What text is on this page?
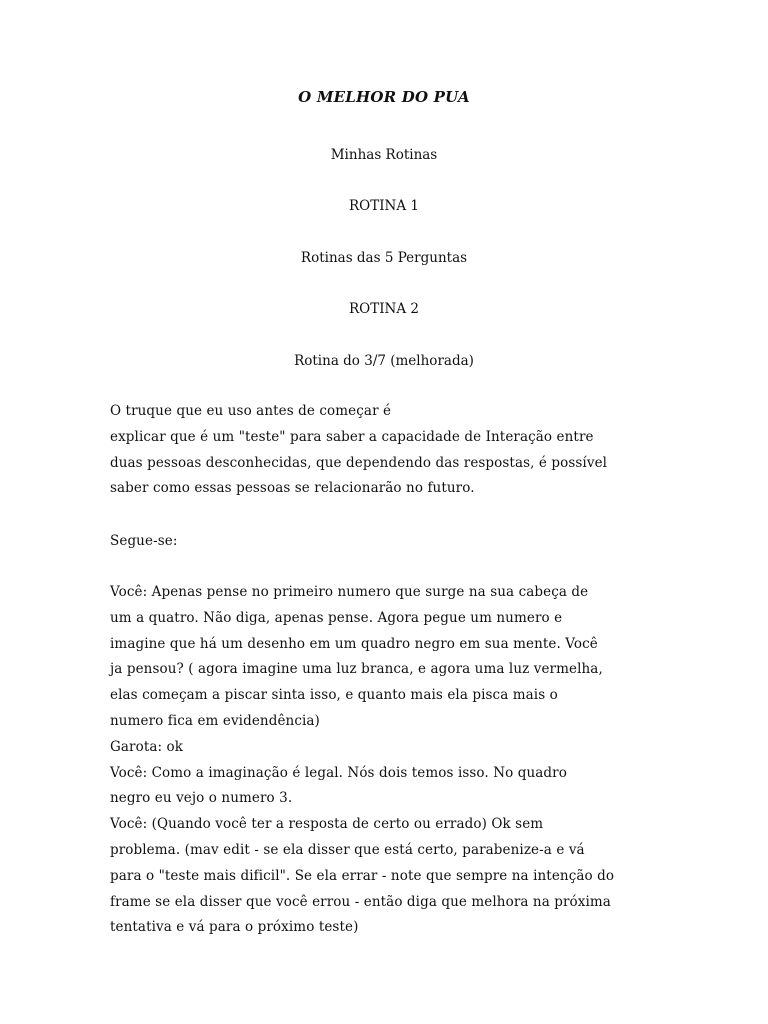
O MELHOR DO PUA
Minhas Rotinas
ROTINA 1
Rotinas das 5 Perguntas
ROTINA 2
Rotina do 3/7 (melhorada)
O truque que eu uso antes de começar é
explicar que é um "teste" para saber a capacidade de Interação entre
duas pessoas desconhecidas, que dependendo das respostas, é possível
saber como essas pessoas se relacionarão no futuro.
Segue-se:
Você: Apenas pense no primeiro numero que surge na sua cabeça de
um a quatro. Não diga, apenas pense. Agora pegue um numero e
imagine que há um desenho em um quadro negro em sua mente. Você
ja pensou? ( agora imagine uma luz branca, e agora uma luz vermelha,
elas começam a piscar sinta isso, e quanto mais ela pisca mais o
numero fica em evidendência)
Garota: ok
Você: Como a imaginação é legal. Nós dois temos isso. No quadro
negro eu vejo o numero 3.
Você: (Quando você ter a resposta de certo ou errado) Ok sem
problema. (mav edit - se ela disser que está certo, parabenize-a e vá
para o "teste mais dificil". Se ela errar - note que sempre na intenção do
frame se ela disser que você errou - então diga que melhora na próxima
tentativa e vá para o próximo teste)
